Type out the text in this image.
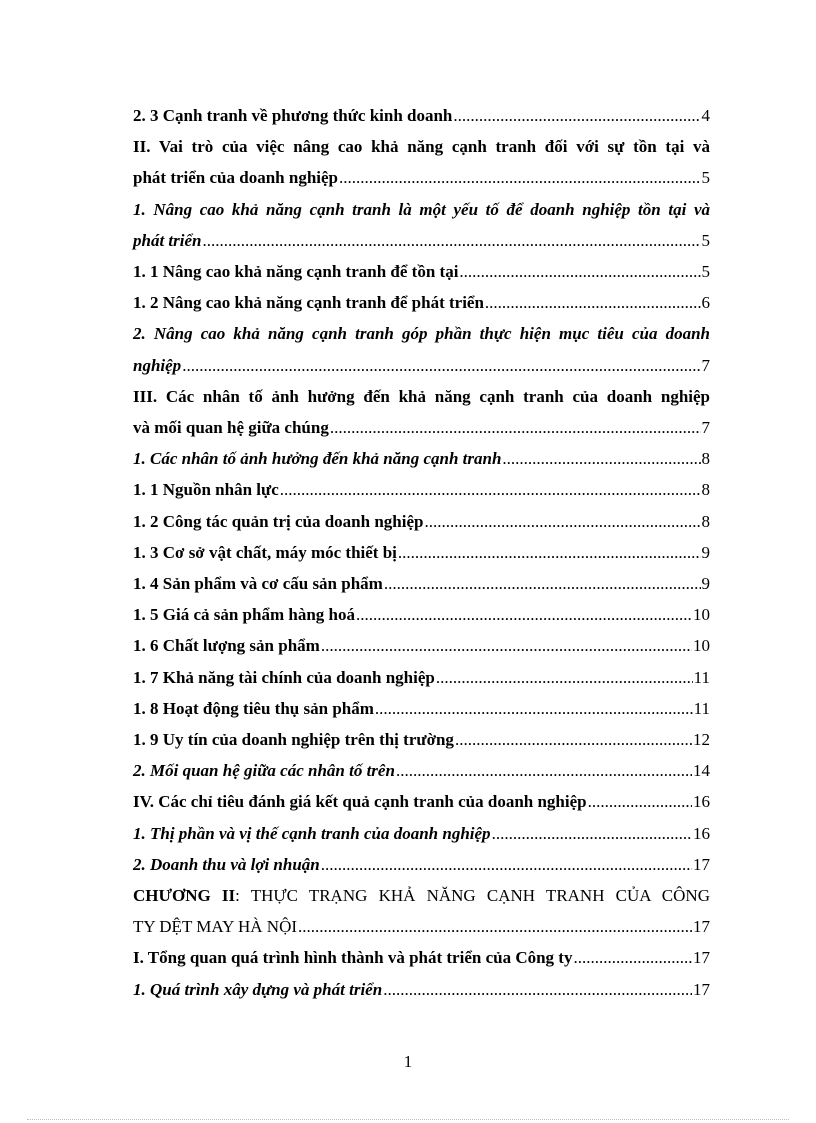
2. 3 Cạnh tranh về phương thức kinh doanh .....	4
II. Vai trò của việc nâng cao khả năng cạnh tranh đối với sự tồn tại và
phát triển của doanh nghiệp .....	5
1. Nâng cao khả năng cạnh tranh là một yếu tố để doanh nghiệp tồn tại và
phát triển .....	5
1. 1 Nâng cao khả năng cạnh tranh để tồn tại .....	5
1. 2 Nâng cao khả năng cạnh tranh để phát triển .....	6
2. Nâng cao khả năng cạnh tranh góp phần thực hiện mục tiêu của doanh
nghiệp .....	7
III. Các nhân tố ảnh hưởng đến khả năng cạnh tranh của doanh nghiệp
và mối quan hệ giữa chúng .....	7
1. Các nhân tố ảnh hưởng đến khả năng cạnh tranh .....	8
1. 1 Nguồn nhân lực .....	8
1. 2 Công tác quản trị của doanh nghiệp .....	8
1. 3 Cơ sở vật chất, máy móc thiết bị .....	9
1. 4 Sản phẩm và cơ cấu sản phẩm .....	9
1. 5 Giá cả sản phẩm hàng hoá .....	10
1. 6 Chất lượng sản phẩm .....	10
1. 7 Khả năng tài chính của doanh nghiệp .....	11
1. 8 Hoạt động tiêu thụ sản phẩm .....	11
1. 9 Uy tín của doanh nghiệp trên thị trường .....	12
2. Mối quan hệ giữa các nhân tố trên .....	14
IV. Các chỉ tiêu đánh giá kết quả cạnh tranh của doanh nghiệp .....	16
1. Thị phần và vị thế cạnh tranh của doanh nghiệp .....	16
2. Doanh thu và lợi nhuận .....	17
CHƯƠNG II: THỰC TRẠNG KHẢ NĂNG CẠNH TRANH CỦA CÔNG
TY DỆT MAY HÀ NỘI .....	17
I. Tổng quan quá trình hình thành và phát triển của Công ty .....	17
1. Quá trình xây dựng và phát triển .....	17
1
